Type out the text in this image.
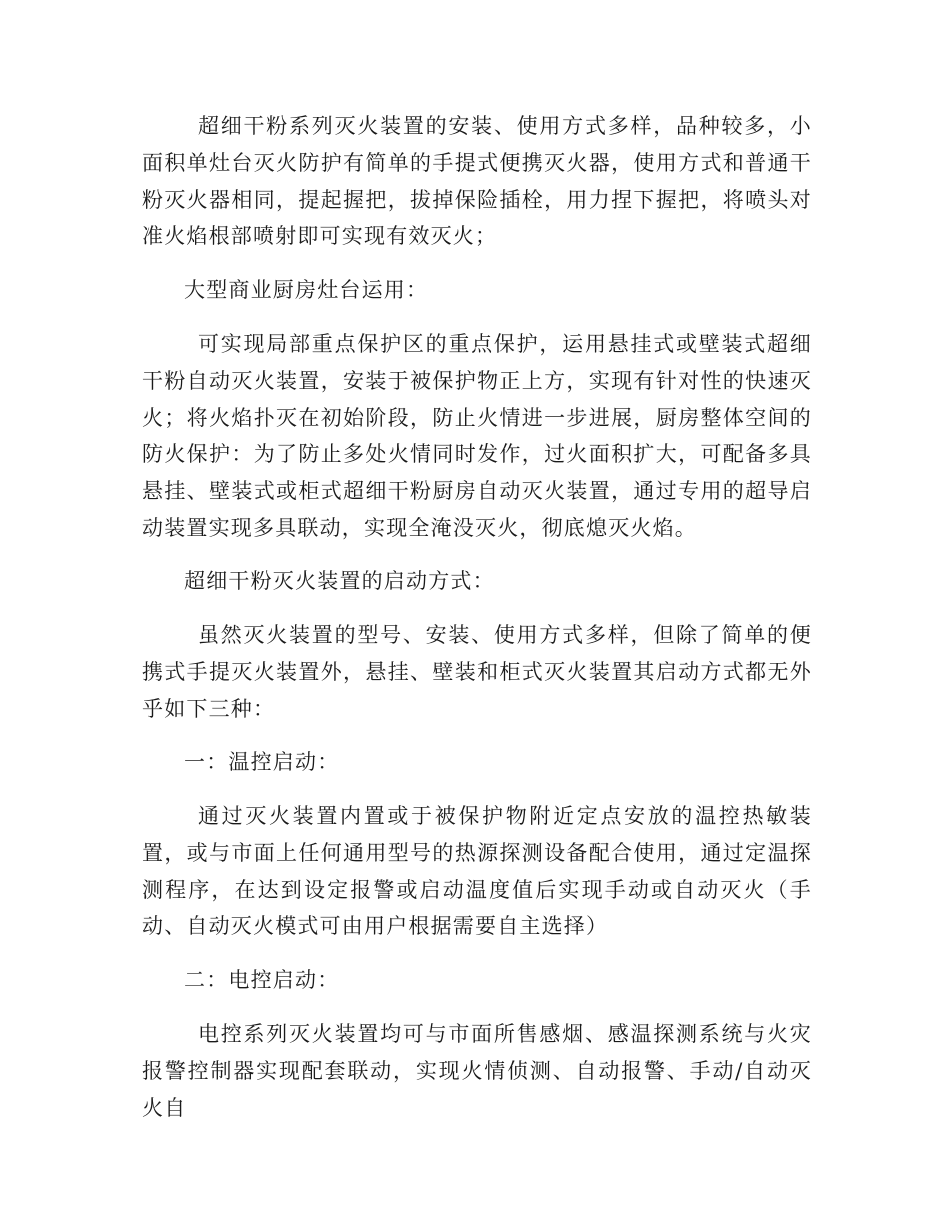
超细干粉系列灭火装置的安装、使用方式多样，品种较多，小面积单灶台灭火防护有简单的手提式便携灭火器，使用方式和普通干粉灭火器相同，提起握把，拔掉保险插栓，用力捏下握把，将喷头对准火焰根部喷射即可实现有效灭火；

大型商业厨房灶台运用：

可实现局部重点保护区的重点保护，运用悬挂式或壁装式超细干粉自动灭火装置，安装于被保护物正上方，实现有针对性的快速灭火；将火焰扑灭在初始阶段，防止火情进一步进展，厨房整体空间的防火保护：为了防止多处火情同时发作，过火面积扩大，可配备多具悬挂、壁装式或柜式超细干粉厨房自动灭火装置，通过专用的超导启动装置实现多具联动，实现全淹没灭火，彻底熄灭火焰。

超细干粉灭火装置的启动方式：

虽然灭火装置的型号、安装、使用方式多样，但除了简单的便携式手提灭火装置外，悬挂、壁装和柜式灭火装置其启动方式都无外乎如下三种：

一：温控启动：

通过灭火装置内置或于被保护物附近定点安放的温控热敏装置，或与市面上任何通用型号的热源探测设备配合使用，通过定温探测程序，在达到设定报警或启动温度值后实现手动或自动灭火（手动、自动灭火模式可由用户根据需要自主选择）

二：电控启动：

电控系列灭火装置均可与市面所售感烟、感温探测系统与火灾报警控制器实现配套联动，实现火情侦测、自动报警、手动/自动灭火自
